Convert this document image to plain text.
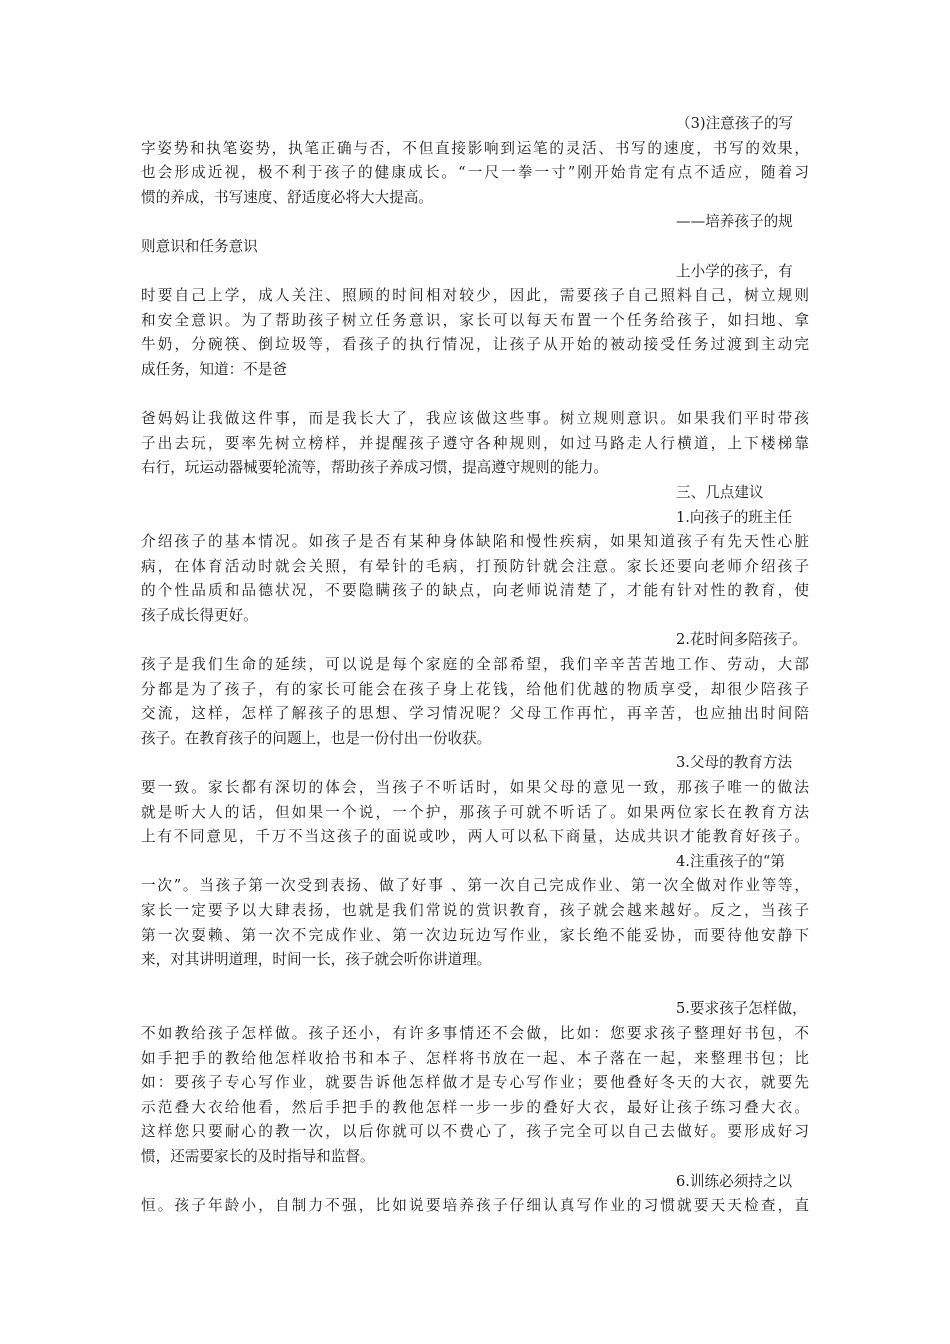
（3)注意孩子的写
字姿势和执笔姿势，执笔正确与否，不但直接影响到运笔的灵活、书写的速度，书写的效果，
也会形成近视，极不利于孩子的健康成长。“一尺一拳一寸”刚开始肯定有点不适应，随着习
惯的养成，书写速度、舒适度必将大大提高。
——培养孩子的规
则意识和任务意识
上小学的孩子，有
时要自己上学，成人关注、照顾的时间相对较少，因此，需要孩子自己照料自己，树立规则
和安全意识。为了帮助孩子树立任务意识，家长可以每天布置一个任务给孩子，如扫地、拿
牛奶，分碗筷、倒垃圾等，看孩子的执行情况，让孩子从开始的被动接受任务过渡到主动完
成任务，知道：不是爸
爸妈妈让我做这件事，而是我长大了，我应该做这些事。树立规则意识。如果我们平时带孩
子出去玩，要率先树立榜样，并提醒孩子遵守各种规则，如过马路走人行横道，上下楼梯靠
右行，玩运动器械要轮流等，帮助孩子养成习惯，提高遵守规则的能力。
三、几点建议
1.向孩子的班主任
介绍孩子的基本情况。如孩子是否有某种身体缺陷和慢性疾病，如果知道孩子有先天性心脏
病，在体育活动时就会关照，有晕针的毛病，打预防针就会注意。家长还要向老师介绍孩子
的个性品质和品德状况，不要隐瞒孩子的缺点，向老师说清楚了，才能有针对性的教育，使
孩子成长得更好。
2.花时间多陪孩子。
孩子是我们生命的延续，可以说是每个家庭的全部希望，我们辛辛苦苦地工作、劳动，大部
分都是为了孩子，有的家长可能会在孩子身上花钱，给他们优越的物质享受，却很少陪孩子
交流，这样，怎样了解孩子的思想、学习情况呢？父母工作再忙，再辛苦，也应抽出时间陪
孩子。在教育孩子的问题上，也是一份付出一份收获。
3.父母的教育方法
要一致。家长都有深切的体会，当孩子不听话时，如果父母的意见一致，那孩子唯一的做法
就是听大人的话，但如果一个说，一个护，那孩子可就不听话了。如果两位家长在教育方法
上有不同意见，千万不当这孩子的面说或吵，两人可以私下商量，达成共识才能教育好孩子。
4.注重孩子的“第
一次”。当孩子第一次受到表扬、做了好事 、第一次自己完成作业、第一次全做对作业等等，
家长一定要予以大肆表扬，也就是我们常说的赏识教育，孩子就会越来越好。反之，当孩子
第一次耍赖、第一次不完成作业、第一次边玩边写作业，家长绝不能妥协，而要待他安静下
来，对其讲明道理，时间一长，孩子就会听你讲道理。
5.要求孩子怎样做，
不如教给孩子怎样做。孩子还小，有许多事情还不会做，比如：您要求孩子整理好书包，不
如手把手的教给他怎样收拾书和本子、怎样将书放在一起、本子落在一起，来整理书包；比
如：要孩子专心写作业，就要告诉他怎样做才是专心写作业；要他叠好冬天的大衣，就要先
示范叠大衣给他看，然后手把手的教他怎样一步一步的叠好大衣，最好让孩子练习叠大衣。
这样您只要耐心的教一次，以后你就可以不费心了，孩子完全可以自己去做好。要形成好习
惯，还需要家长的及时指导和监督。
6.训练必须持之以
恒。孩子年龄小，自制力不强，比如说要培养孩子仔细认真写作业的习惯就要天天检查，直
